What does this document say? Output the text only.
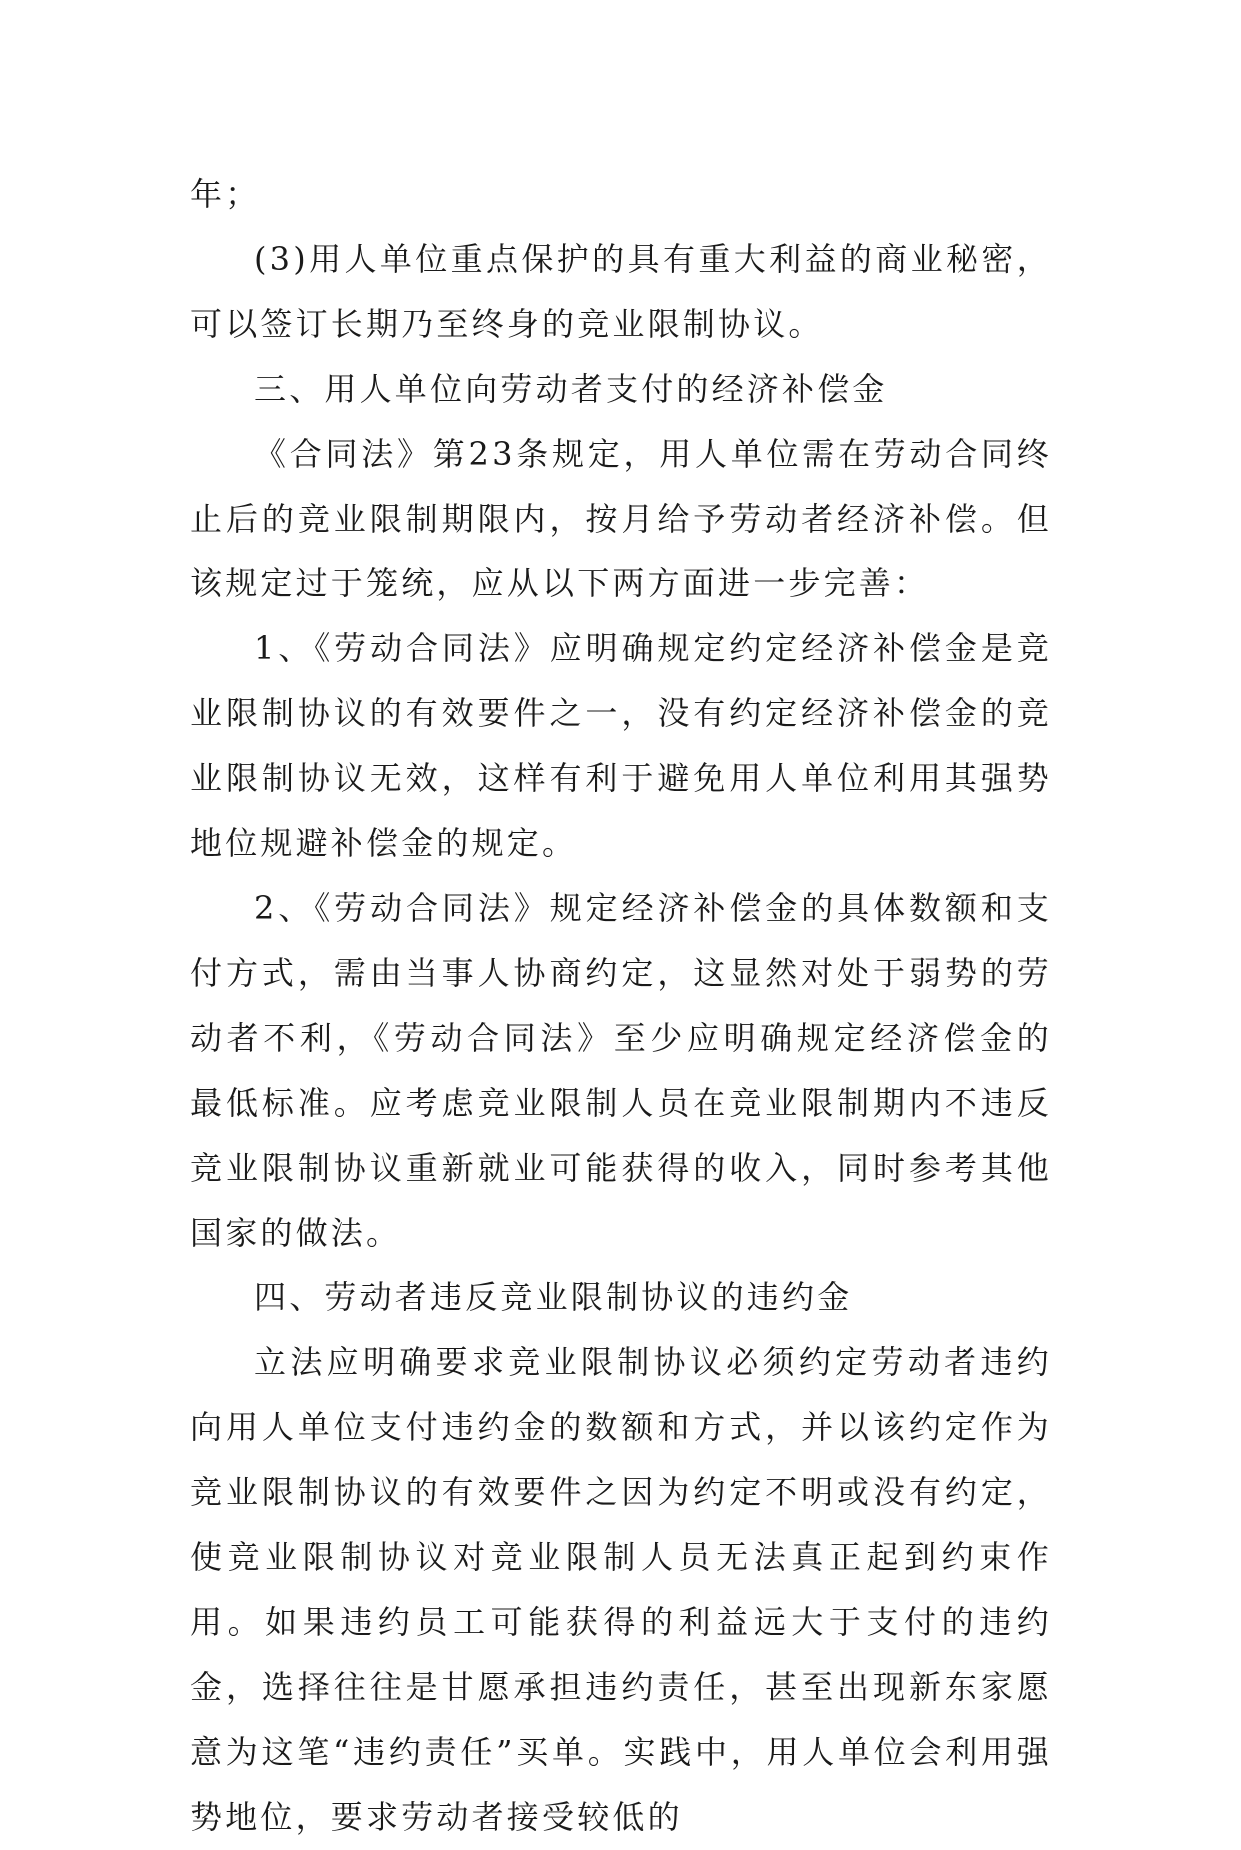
年；

(3)用人单位重点保护的具有重大利益的商业秘密，可以签订长期乃至终身的竞业限制协议。

三、用人单位向劳动者支付的经济补偿金

《合同法》第23条规定，用人单位需在劳动合同终止后的竞业限制期限内，按月给予劳动者经济补偿。但该规定过于笼统，应从以下两方面进一步完善：

1、《劳动合同法》应明确规定约定经济补偿金是竞业限制协议的有效要件之一，没有约定经济补偿金的竞业限制协议无效，这样有利于避免用人单位利用其强势地位规避补偿金的规定。

2、《劳动合同法》规定经济补偿金的具体数额和支付方式，需由当事人协商约定，这显然对处于弱势的劳动者不利，《劳动合同法》至少应明确规定经济偿金的最低标准。应考虑竞业限制人员在竞业限制期内不违反竞业限制协议重新就业可能获得的收入，同时参考其他国家的做法。

四、劳动者违反竞业限制协议的违约金

立法应明确要求竞业限制协议必须约定劳动者违约向用人单位支付违约金的数额和方式，并以该约定作为竞业限制协议的有效要件之因为约定不明或没有约定，使竞业限制协议对竞业限制人员无法真正起到约束作用。如果违约员工可能获得的利益远大于支付的违约金，选择往往是甘愿承担违约责任，甚至出现新东家愿意为这笔“违约责任”买单。实践中，用人单位会利用强势地位，要求劳动者接受较低的
